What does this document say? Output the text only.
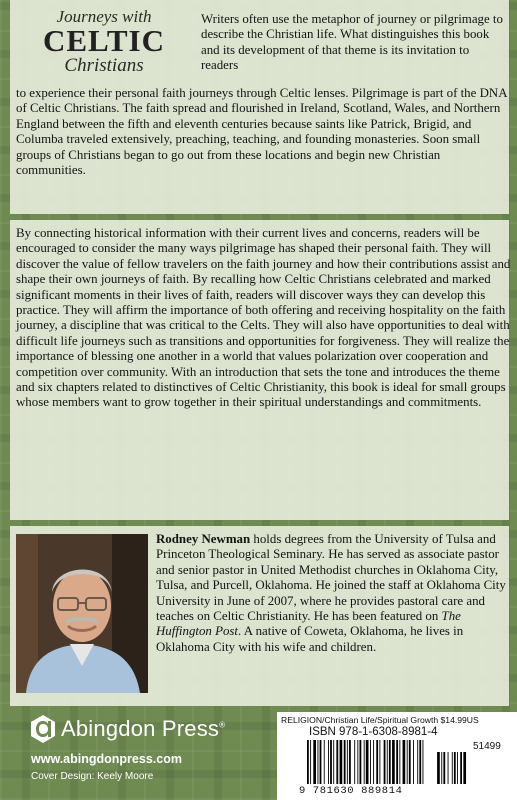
Journeys with
CELTIC
Christians

Writers often use the metaphor of journey or pilgrimage to describe the Christian life. What distinguishes this book and its development of that theme is its invitation to readers

to experience their personal faith journeys through Celtic lenses. Pilgrimage is part of the DNA of Celtic Christians. The faith spread and flourished in Ireland, Scotland, Wales, and Northern England between the fifth and eleventh centuries because saints like Patrick, Brigid, and Columba traveled extensively, preaching, teaching, and founding monasteries. Soon small groups of Christians began to go out from these locations and begin new Christian communities.

By connecting historical information with their current lives and concerns, readers will be encouraged to consider the many ways pilgrimage has shaped their personal faith. They will discover the value of fellow travelers on the faith journey and how their contributions assist and shape their own journeys of faith. By recalling how Celtic Christians celebrated and marked significant moments in their lives of faith, readers will discover ways they can develop this practice. They will affirm the importance of both offering and receiving hospitality on the faith journey, a discipline that was critical to the Celts. They will also have opportunities to deal with difficult life journeys such as transitions and opportunities for forgiveness. They will realize the importance of blessing one another in a world that values polarization over cooperation and competition over community. With an introduction that sets the tone and introduces the theme and six chapters related to distinctives of Celtic Christianity, this book is ideal for small groups whose members want to grow together in their spiritual understandings and commitments.

Rodney Newman holds degrees from the University of Tulsa and Princeton Theological Seminary. He has served as associate pastor and senior pastor in United Methodist churches in Oklahoma City, Tulsa, and Purcell, Oklahoma. He joined the staff at Oklahoma City University in June of 2007, where he provides pastoral care and teaches on Celtic Christianity. He has been featured on The Huffington Post. A native of Coweta, Oklahoma, he lives in Oklahoma City with his wife and children.

Abingdon Press®
www.abingdonpress.com
Cover Design: Keely Moore
RELIGION/Christian Life/Spiritual Growth $14.99US
ISBN 978-1-6308-8981-4
51499
9 781630 889814
